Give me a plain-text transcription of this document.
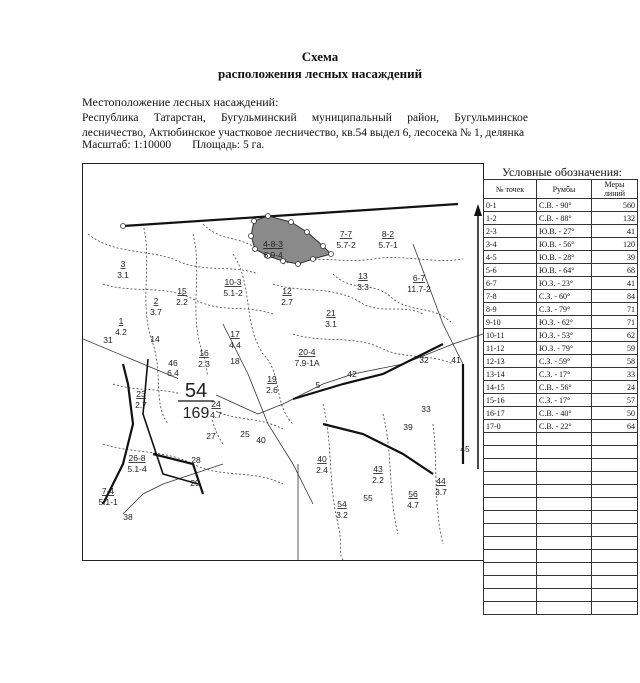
Схема
расположения лесных насаждений
Местоположение лесных насаждений:
Республика Татарстан, Бугульминский муниципальный район, Бугульминское лесничество, Актюбинское участковое лесничество, кв.54 выдел 6, лесосека № 1, делянка
Масштаб: 1:10000 Площадь: 5 га.
54
169
4-8-3
6.9-4
3
3.1
2
3.7
1
4.2
15
2.2
14
10-3
5.1-2	12
2.7
17
4.4
16
2.3
46
6.4
18
20-4
7.9-1А
21
3.1
13
3.3
7-7
5.7-2
8-2
5.7-1
6-7
11.7-2
23
2.7
19
2.6
24
4.7
26-8
5.1-4
7-4
5.1-1
40
2.4	43
2.2
54
3.2
56
4.7
44
3.7
38
27
28
29
25
40
42
33
32
39
41
45
55
31
5
Условные обозначения:
№ точек	Румбы	Меры линий
0-1	С.В. - 90°	560
1-2	С.В. - 88°	132
2-3	Ю.В. - 27°	41
3-4	Ю.В. - 56°	120
4-5	Ю.В. - 28°	39
5-6	Ю.В. - 64°	68
6-7	Ю.З. - 23°	41
7-8	С.З. - 60°	84
8-9	С.З. - 79°	71
9-10	Ю.З. - 62°	71
10-11	Ю.З. - 53°	62
11-12	Ю.З. - 79°	59
12-13	С.З. - 59°	58
13-14	С.З. - 17°	33
14-15	С.В. - 56°	24
15-16	С.З. - 17°	57
16-17	С.В. - 40°	50
17-0	С.В. - 22°	64
